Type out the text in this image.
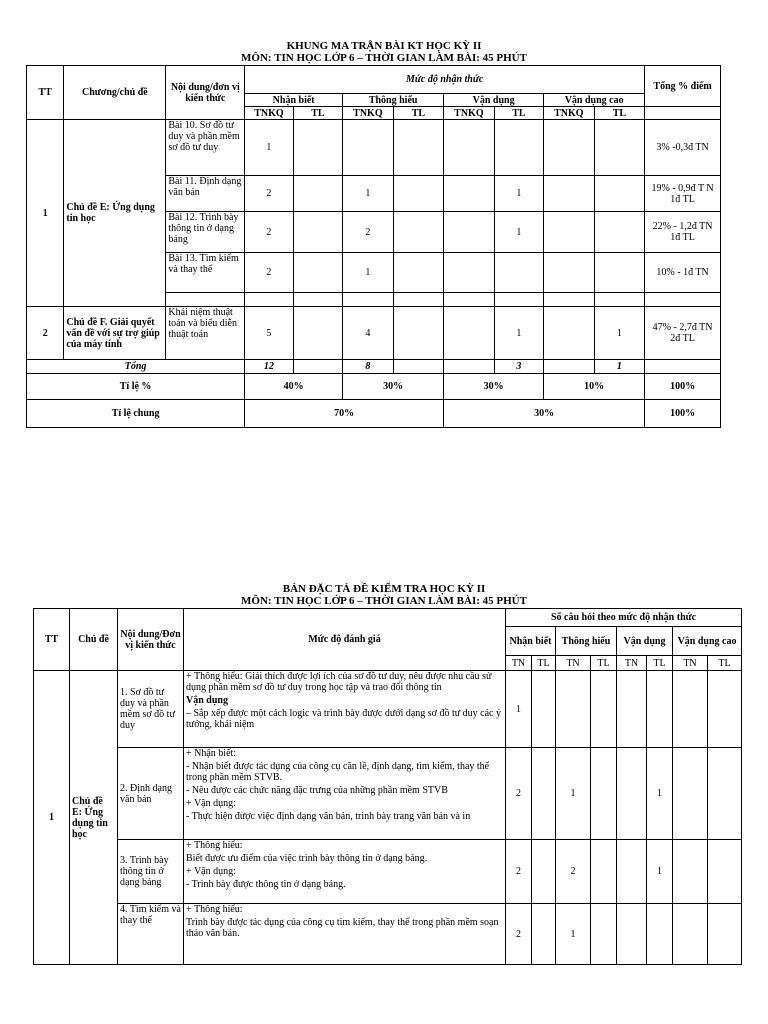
KHUNG MA TRẬN BÀI KT HỌC KỲ II
MÔN: TIN HỌC LỚP 6 – THỜI GIAN LÀM BÀI: 45 PHÚT
TT	Chương/chủ đề	Nội dung/đơn vị kiến thức	Mức độ nhận thức								Tổng % điểm
			Nhận biết		Thông hiểu		Vận dụng		Vận dụng cao		
			TNKQ	TL	TNKQ	TL	TNKQ	TL	TNKQ	TL	
1	Chủ đề E: Ứng dụng tin học	Bài 10. Sơ đồ tư duy và phần mềm sơ đồ tư duy	1								3% -0,3đ TN
		Bài 11. Định dạng văn bản	2		1			1			19% - 0,9đ T N 1đ TL
		Bài 12. Trình bày thông tin ở dạng bảng	2		2			1			22% - 1,2đ TN 1đ TL
		Bài 13. Tìm kiếm và thay thế	2		1						10% - 1đ TN

2	Chủ đề F. Giải quyết vấn đề với sự trợ giúp của máy tính	Khái niệm thuật toán và biểu diễn thuật toán	5		4			1		1	47% - 2,7đ TN 2đ TL
Tổng			12		8			3		1	
Tỉ lệ %			40%		30%		30%		10%		100%
Tỉ lệ chung			70%				30%				100%
BẢN ĐẶC TẢ ĐỀ KIỂM TRA HỌC KỲ II
MÔN: TIN HỌC LỚP 6 – THỜI GIAN LÀM BÀI: 45 PHÚT
TT	Chủ đề	Nội dung/Đơn vị kiến thức	Mức độ đánh giá	Số câu hỏi theo mức độ nhận thức							
				Nhận biết		Thông hiểu		Vận dụng		Vận dụng cao	
				TN	TL	TN	TL	TN	TL	TN	TL
1	Chủ đề E: Ứng dụng tin học	1. Sơ đồ tư duy và phần mềm sơ đồ tư duy	+ Thông hiểu: Giải thích được lợi ích của sơ đồ tư duy, nêu được nhu cầu sử dụng phần mềm sơ đồ tư duy trong học tập và trao đổi thông tin

Vận dụng

– Sắp xếp được một cách logic và trình bày được dưới dạng sơ đồ tư duy các ý tưởng, khái niệm	1							
		2. Định dạng văn bản	+ Nhận biết:

- Nhận biết được tác dụng của công cụ căn lề, định dạng, tìm kiếm, thay thế trong phần mềm STVB.

- Nêu được các chức năng đặc trưng của những phần mềm STVB

+ Vận dụng:

- Thực hiện được việc định dạng văn bản, trình bày trang văn bản và in	2		1			1		
		3. Trình bày thông tin ở dạng bảng	+ Thông hiểu:

Biết được ưu điểm của việc trình bày thông tin ở dạng bảng.

+ Vận dụng:

- Trình bày được thông tin ở dạng bảng.	2		2			1		
		4. Tìm kiếm và thay thế	+ Thông hiểu:

Trình bày được tác dụng của công cụ tìm kiếm, thay thế trong phần mềm soạn thảo văn bản.	2		1					
